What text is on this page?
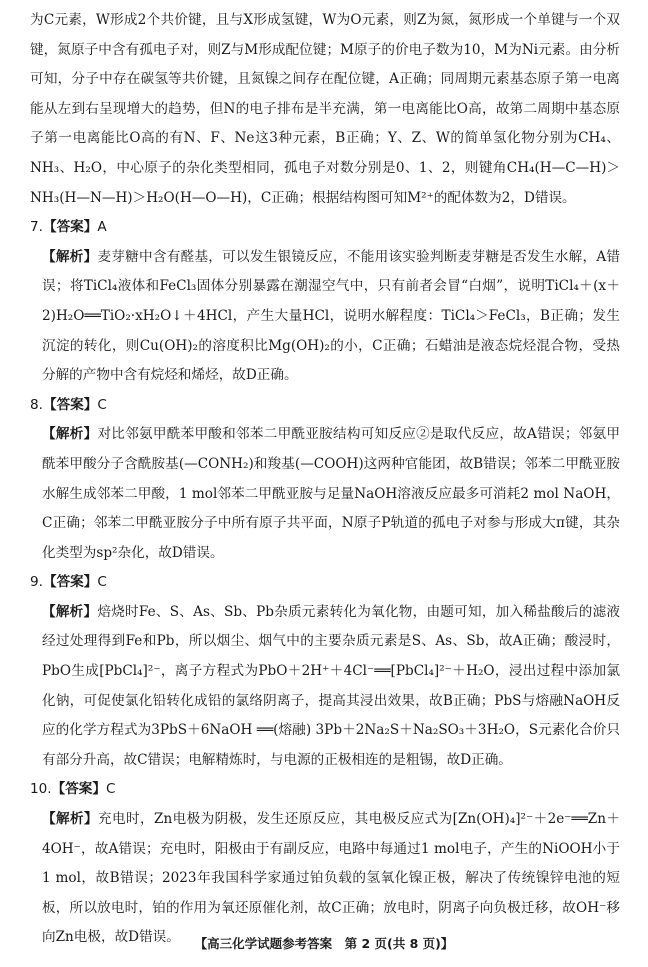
为C元素，W形成2个共价键，且与X形成氢键，W为O元素，则Z为氮，氮形成一个单键与一个双键，氮原子中含有孤电子对，则Z与M形成配位键；M原子的价电子数为10，M为Ni元素。由分析可知，分子中存在碳氢等共价键，且氮镍之间存在配位键，A正确；同周期元素基态原子第一电离能从左到右呈现增大的趋势，但N的电子排布是半充满，第一电离能比O高，故第二周期中基态原子第一电离能比O高的有N、F、Ne这3种元素，B正确；Y、Z、W的简单氢化物分别为CH₄、NH₃、H₂O，中心原子的杂化类型相同，孤电子对数分别是0、1、2，则键角CH₄(H—C—H)＞NH₃(H—N—H)＞H₂O(H—O—H)，C正确；根据结构图可知M²⁺的配体数为2，D错误。

7.【答案】A

【解析】麦芽糖中含有醛基，可以发生银镜反应，不能用该实验判断麦芽糖是否发生水解，A错误；将TiCl₄液体和FeCl₃固体分别暴露在潮湿空气中，只有前者会冒“白烟”，说明TiCl₄＋(x＋2)H₂O══TiO₂·xH₂O↓＋4HCl，产生大量HCl，说明水解程度：TiCl₄＞FeCl₃，B正确；发生沉淀的转化，则Cu(OH)₂的溶度积比Mg(OH)₂的小，C正确；石蜡油是液态烷烃混合物，受热分解的产物中含有烷烃和烯烃，故D正确。

8.【答案】C

【解析】对比邻氨甲酰苯甲酸和邻苯二甲酰亚胺结构可知反应②是取代反应，故A错误；邻氨甲酰苯甲酸分子含酰胺基(—CONH₂)和羧基(—COOH)这两种官能团，故B错误；邻苯二甲酰亚胺水解生成邻苯二甲酸，1 mol邻苯二甲酰亚胺与足量NaOH溶液反应最多可消耗2 mol NaOH，C正确；邻苯二甲酰亚胺分子中所有原子共平面，N原子P轨道的孤电子对参与形成大π键，其杂化类型为sp²杂化，故D错误。

9.【答案】C

【解析】焙烧时Fe、S、As、Sb、Pb杂质元素转化为氧化物，由题可知，加入稀盐酸后的滤液经过处理得到Fe和Pb，所以烟尘、烟气中的主要杂质元素是S、As、Sb，故A正确；酸浸时，PbO生成[PbCl₄]²⁻，离子方程式为PbO＋2H⁺＋4Cl⁻══[PbCl₄]²⁻＋H₂O，浸出过程中添加氯化钠，可促使氯化铅转化成铅的氯络阴离子，提高其浸出效果，故B正确；PbS与熔融NaOH反应的化学方程式为3PbS＋6NaOH ══(熔融) 3Pb＋2Na₂S＋Na₂SO₃＋3H₂O，S元素化合价只有部分升高，故C错误；电解精炼时，与电源的正极相连的是粗锡，故D正确。

10.【答案】C

【解析】充电时，Zn电极为阴极，发生还原反应，其电极反应式为[Zn(OH)₄]²⁻＋2e⁻══Zn＋4OH⁻，故A错误；充电时，阳极由于有副反应，电路中每通过1 mol电子，产生的NiOOH小于1 mol，故B错误；2023年我国科学家通过铂负载的氢氧化镍正极，解决了传统镍锌电池的短板，所以放电时，铂的作用为氧还原催化剂，故C正确；放电时，阴离子向负极迁移，故OH⁻移向Zn电极，故D错误。	【高三化学试题参考答案　第 2 页(共 8 页)】
